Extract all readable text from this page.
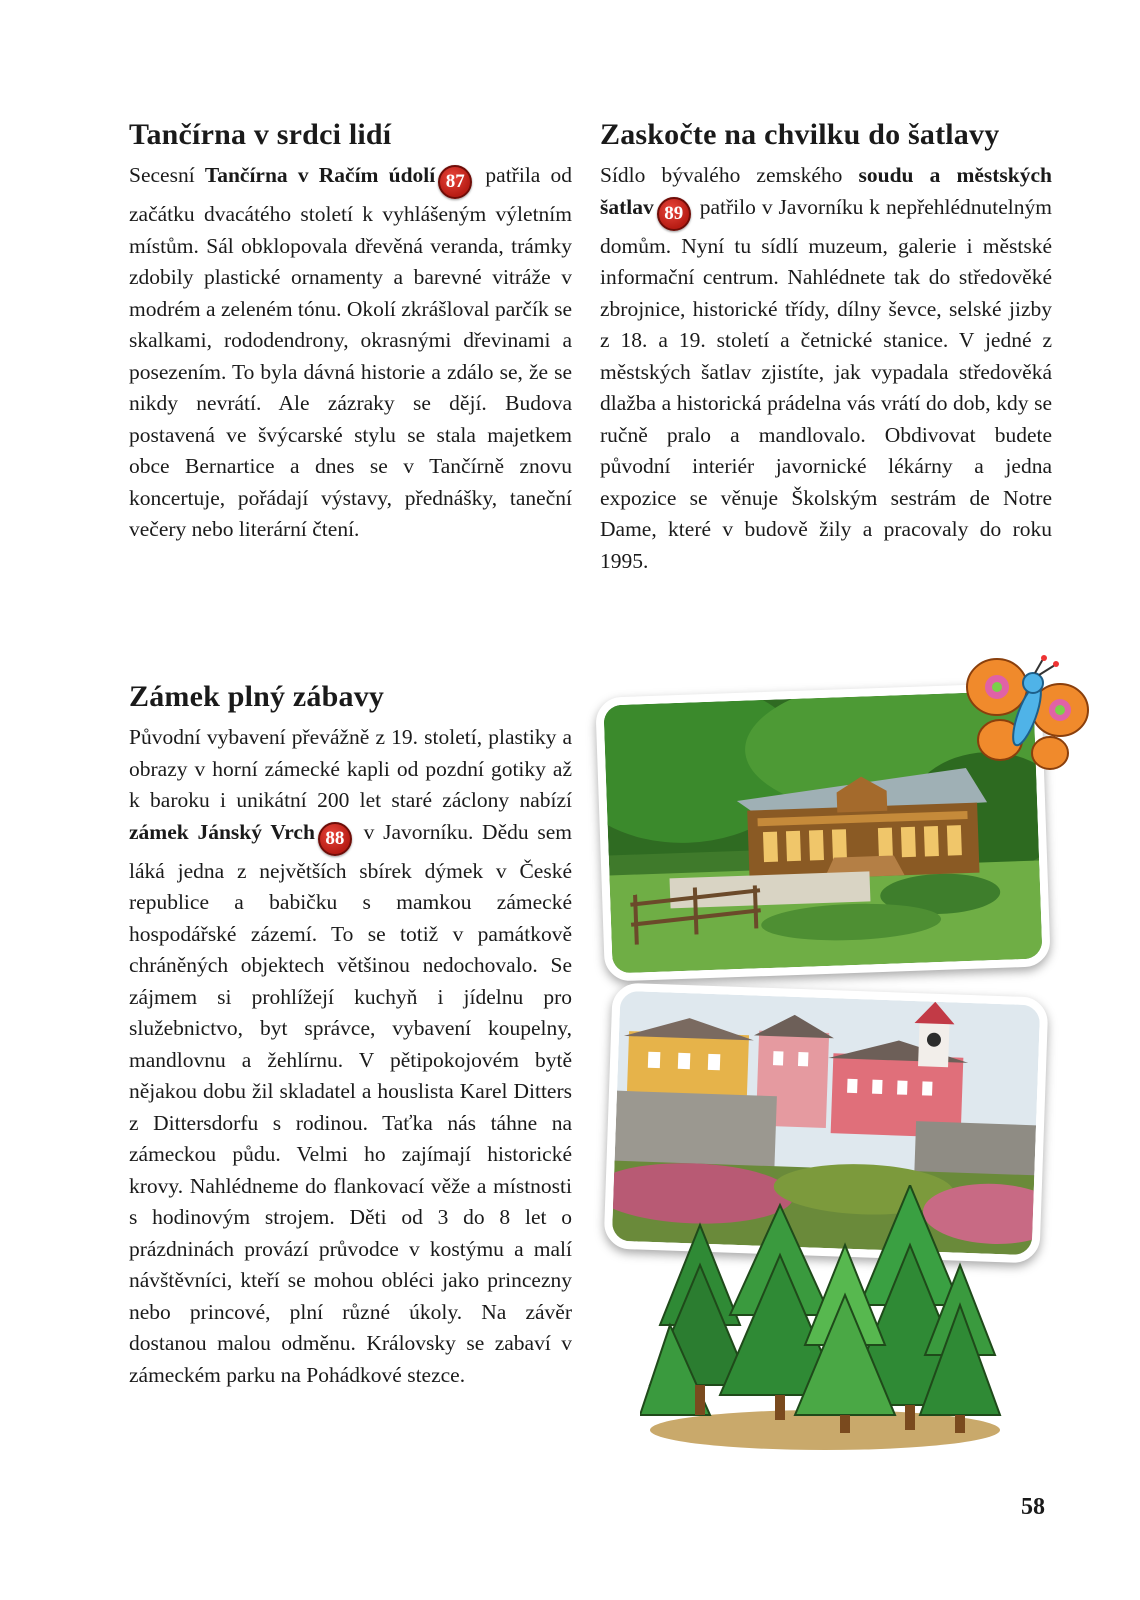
Tančírna v srdci lidí

Secesní Tančírna v Račím údolí 87 patřila od začátku dvacátého století k vyhlášeným výletním místům. Sál obklopovala dřevěná veranda, trámky zdobily plastické ornamenty a barevné vitráže v modrém a zeleném tónu. Okolí zkrášloval parčík se skalkami, rododendrony, okrasnými dřevinami a posezením. To byla dávná historie a zdálo se, že se nikdy nevrátí. Ale zázraky se dějí. Budova postavená ve švýcarské stylu se stala majetkem obce Bernartice a dnes se v Tančírně znovu koncertuje, pořádají výstavy, přednášky, taneční večery nebo literární čtení.

Zaskočte na chvilku do šatlavy

Sídlo bývalého zemského soudu a městských šatlav 89 patřilo v Javorníku k nepřehlédnutelným domům. Nyní tu sídlí muzeum, galerie i městské informační centrum. Nahlédnete tak do středověké zbrojnice, historické třídy, dílny ševce, selské jizby z 18. a 19. století a četnické stanice. V jedné z městských šatlav zjistíte, jak vypadala středověká dlažba a historická prádelna vás vrátí do dob, kdy se ručně pralo a mandlovalo. Obdivovat budete původní interiér javornické lékárny a jedna expozice se věnuje Školským sestrám de Notre Dame, které v budově žily a pracovaly do roku 1995.

Zámek plný zábavy

Původní vybavení převážně z 19. století, plastiky a obrazy v horní zámecké kapli od pozdní gotiky až k baroku i unikátní 200 let staré záclony nabízí zámek Jánský Vrch 88 v Javorníku. Dědu sem láká jedna z největších sbírek dýmek v České republice a babičku s mamkou zámecké hospodářské zázemí. To se totiž v památkově chráněných objektech většinou nedochovalo. Se zájmem si prohlížejí kuchyň i jídelnu pro služebnictvo, byt správce, vybavení koupelny, mandlovnu a žehlírnu. V pětipokojovém bytě nějakou dobu žil skladatel a houslista Karel Ditters z Dittersdorfu s rodinou. Taťka nás táhne na zámeckou půdu. Velmi ho zajímají historické krovy. Nahlédneme do flankovací věže a místnosti s hodinovým strojem. Děti od 3 do 8 let o prázdninách provází průvodce v kostýmu a malí návštěvníci, kteří se mohou obléci jako princezny nebo princové, plní různé úkoly. Na závěr dostanou malou odměnu. Královsky se zabaví v zámeckém parku na Pohádkové stezce.

58
